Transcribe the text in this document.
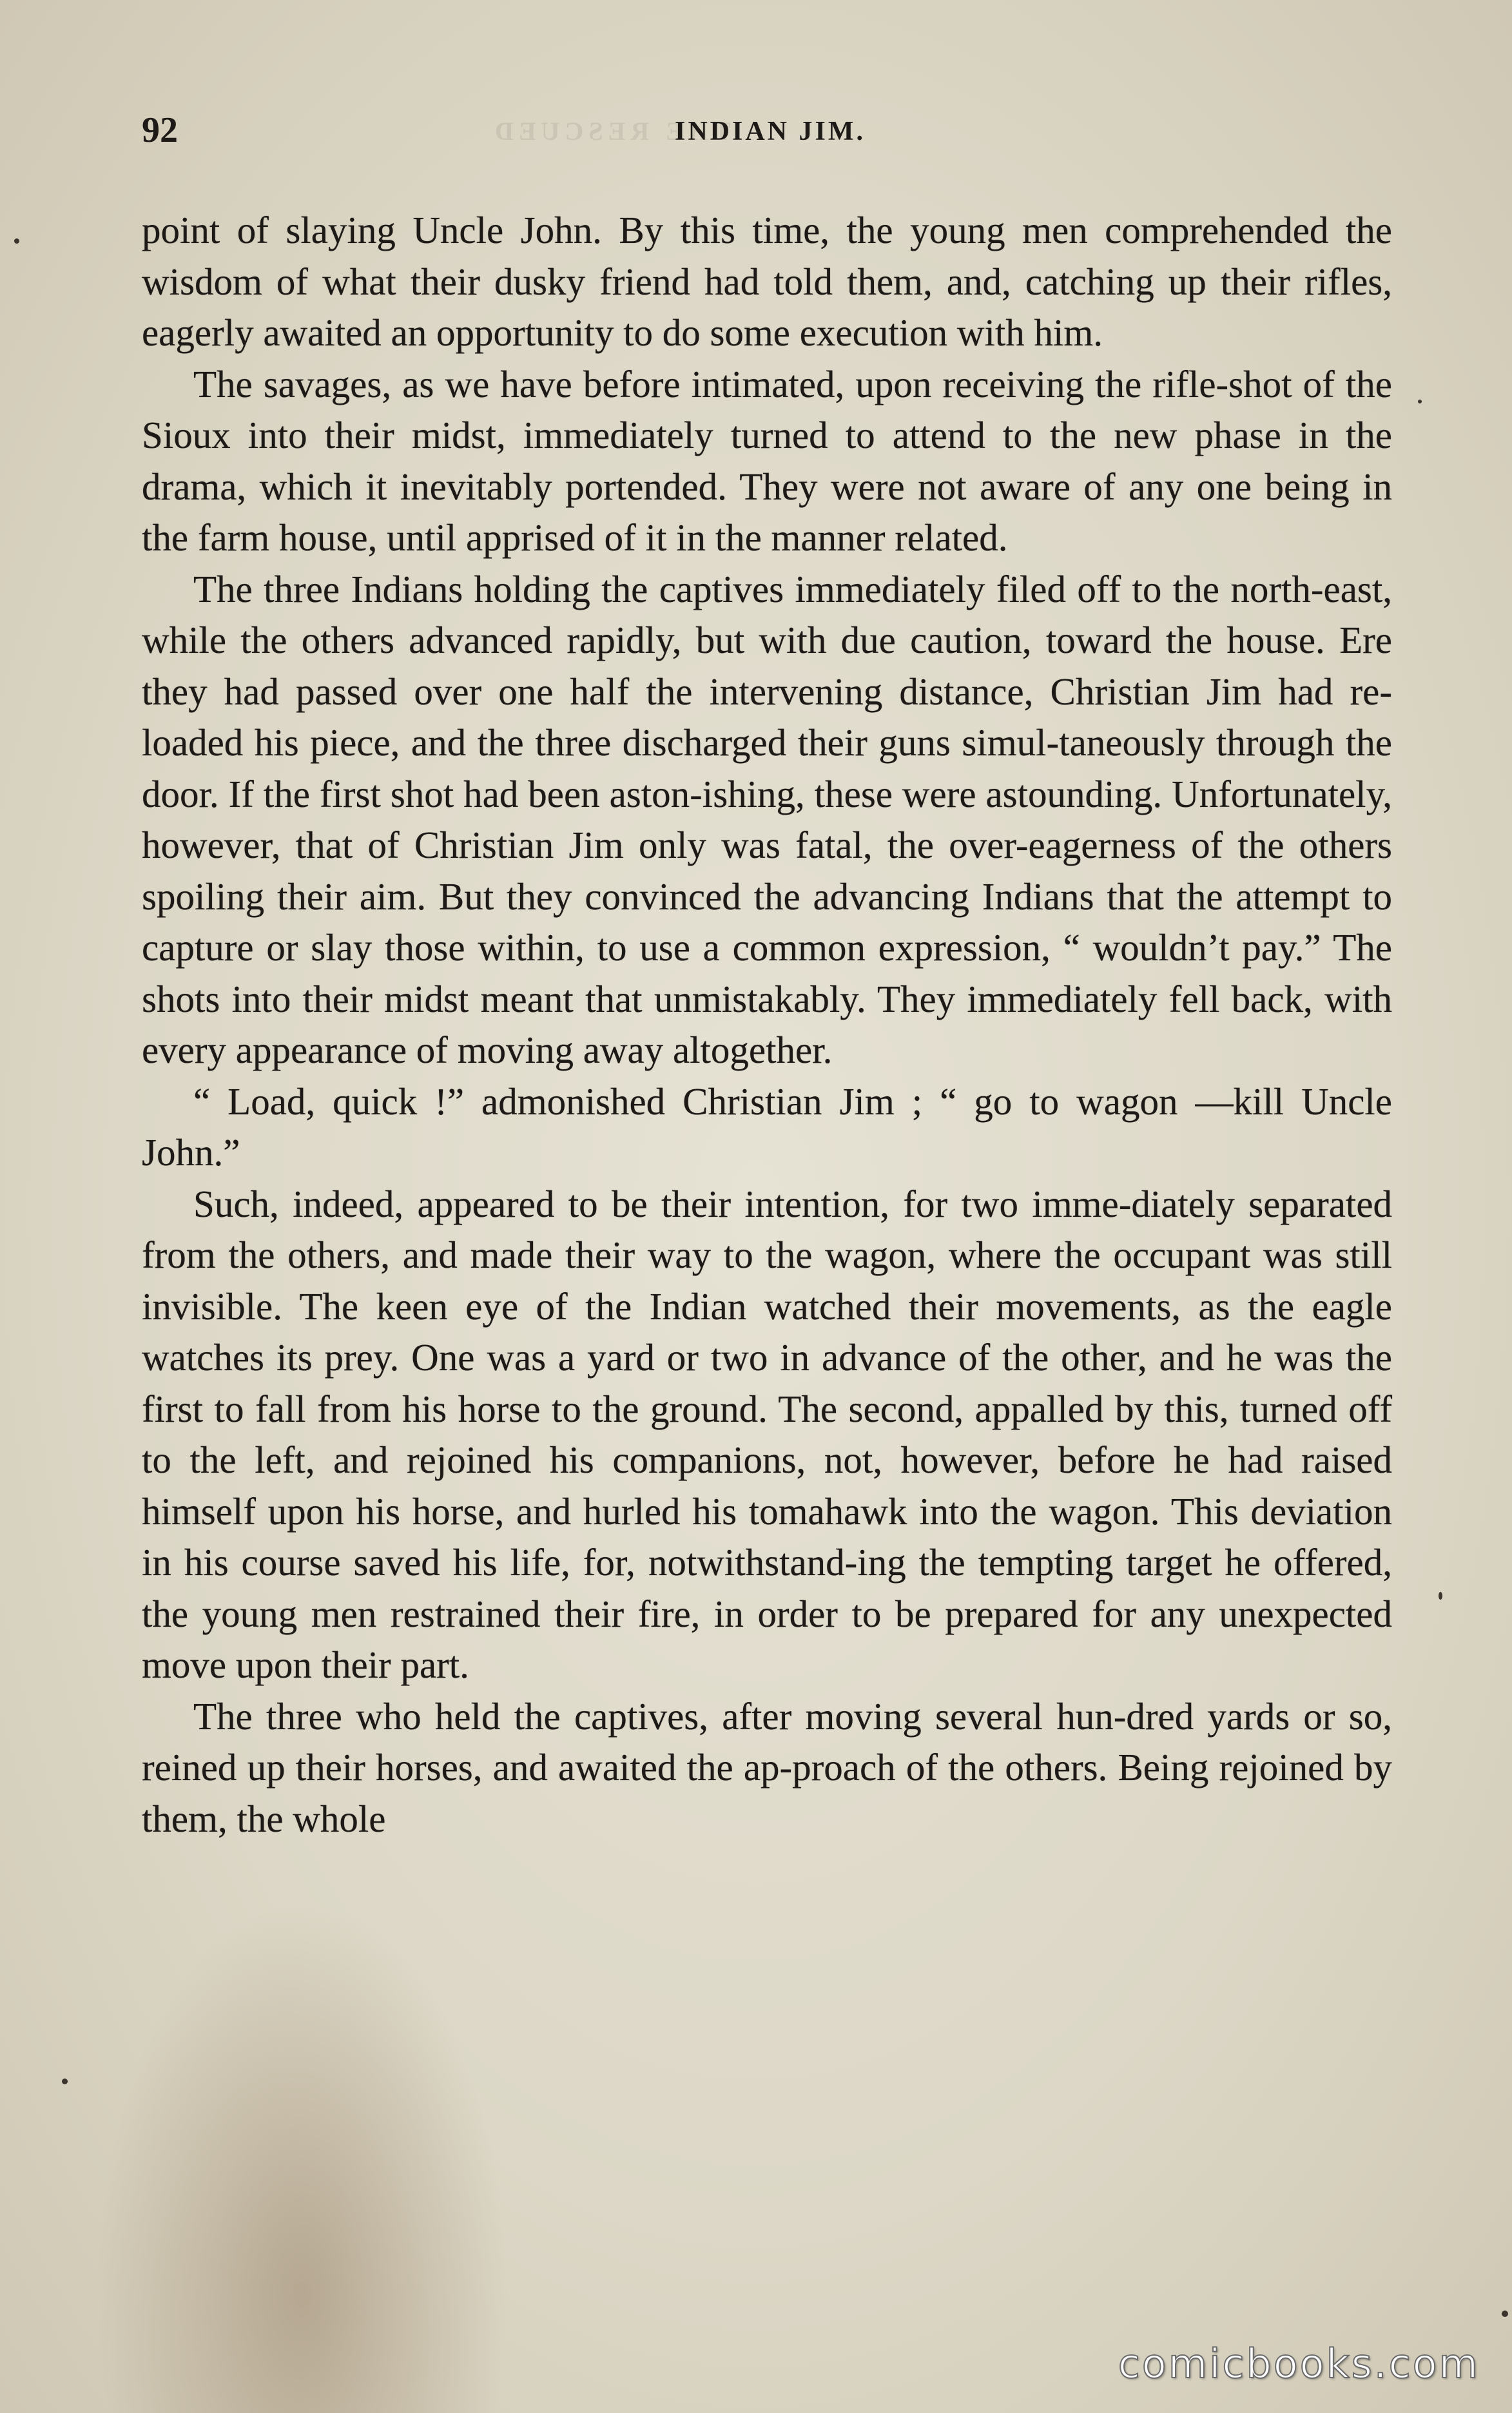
THE RESCUED
92	INDIAN JIM.

point of slaying Uncle John. By this time, the young men comprehended the wisdom of what their dusky friend had told them, and, catching up their rifles, eagerly awaited an opportunity to do some execution with him.

The savages, as we have before intimated, upon receiving the rifle-shot of the Sioux into their midst, immediately turned to attend to the new phase in the drama, which it inevitably portended. They were not aware of any one being in the farm house, until apprised of it in the manner related.

The three Indians holding the captives immediately filed off to the north-east, while the others advanced rapidly, but with due caution, toward the house. Ere they had passed over one half the intervening distance, Christian Jim had re-loaded his piece, and the three discharged their guns simul-taneously through the door. If the first shot had been aston-ishing, these were astounding. Unfortunately, however, that of Christian Jim only was fatal, the over-eagerness of the others spoiling their aim. But they convinced the advancing Indians that the attempt to capture or slay those within, to use a common expression, “ wouldn’t pay.” The shots into their midst meant that unmistakably. They immediately fell back, with every appearance of moving away altogether.

“ Load, quick !” admonished Christian Jim ; “ go to wagon —kill Uncle John.”

Such, indeed, appeared to be their intention, for two imme-diately separated from the others, and made their way to the wagon, where the occupant was still invisible. The keen eye of the Indian watched their movements, as the eagle watches its prey. One was a yard or two in advance of the other, and he was the first to fall from his horse to the ground. The second, appalled by this, turned off to the left, and rejoined his companions, not, however, before he had raised himself upon his horse, and hurled his tomahawk into the wagon. This deviation in his course saved his life, for, notwithstand-ing the tempting target he offered, the young men restrained their fire, in order to be prepared for any unexpected move upon their part.

The three who held the captives, after moving several hun-dred yards or so, reined up their horses, and awaited the ap-proach of the others. Being rejoined by them, the whole

comicbooks.com
